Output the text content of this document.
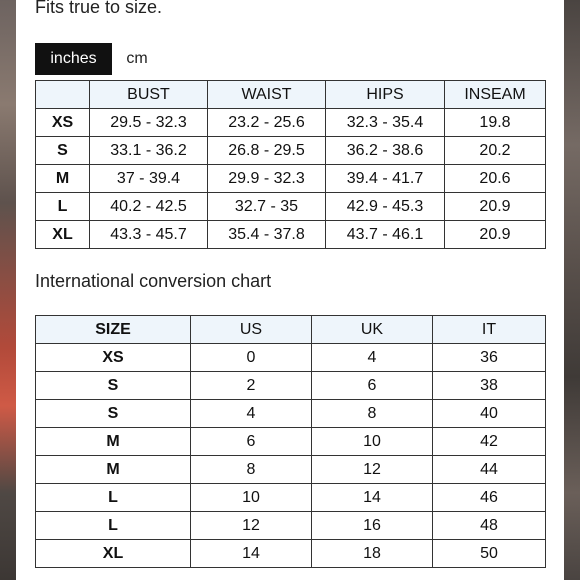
Fits true to size.
inches	cm
	BUST	WAIST	HIPS	INSEAM
XS	29.5 - 32.3	23.2 - 25.6	32.3 - 35.4	19.8
S	33.1 - 36.2	26.8 - 29.5	36.2 - 38.6	20.2
M	37 - 39.4	29.9 - 32.3	39.4 - 41.7	20.6
L	40.2 - 42.5	32.7 - 35	42.9 - 45.3	20.9
XL	43.3 - 45.7	35.4 - 37.8	43.7 - 46.1	20.9
International conversion chart
SIZE	US	UK	IT
XS	0	4	36
S	2	6	38
S	4	8	40
M	6	10	42
M	8	12	44
L	10	14	46
L	12	16	48
XL	14	18	50
